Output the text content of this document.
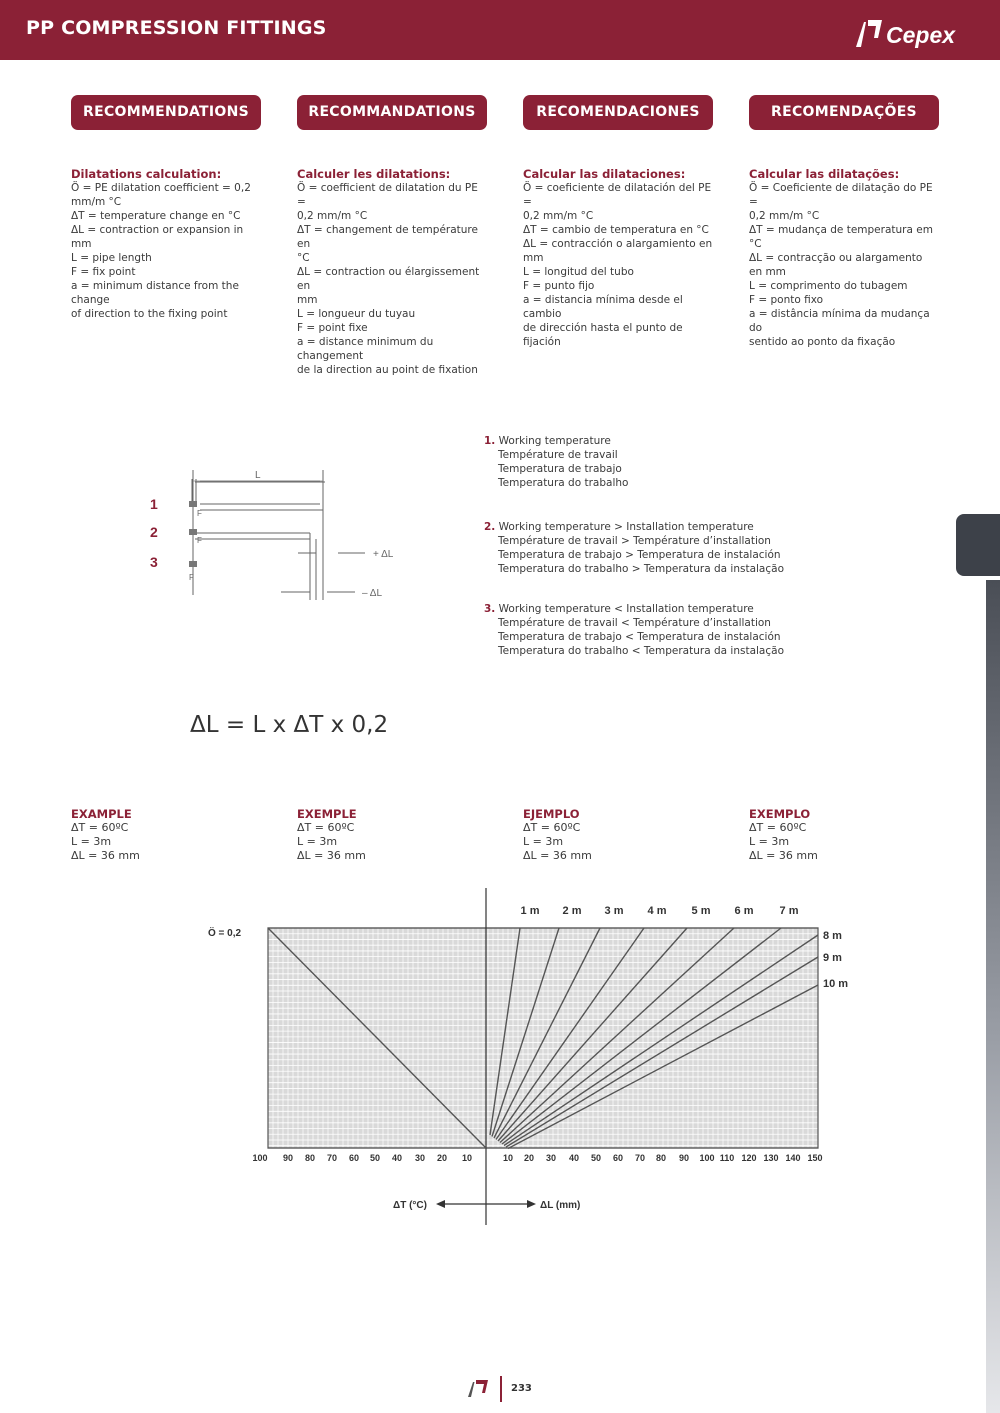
PP COMPRESSION FITTINGS	Cepex
RECOMMENDATIONS	RECOMMANDATIONS	RECOMENDACIONES	RECOMENDAÇÕES
Dilatations calculation:
Ö = PE dilatation coefficient = 0,2
mm/m °C
ΔT = temperature change en °C
ΔL = contraction or expansion in mm
L = pipe length
F = fix point
a = minimum distance from the change
of direction to the fixing point
Calculer les dilatations:
Ö = coefficient de dilatation du PE =
0,2 mm/m °C
ΔT = changement de température en
°C
ΔL = contraction ou élargissement en
mm
L = longueur du tuyau
F = point fixe
a = distance minimum du changement
de la direction au point de fixation
Calcular las dilataciones:
Ö = coeficiente de dilatación del PE =
0,2 mm/m °C
ΔT = cambio de temperatura en °C
ΔL = contracción o alargamiento en
mm
L = longitud del tubo
F = punto fijo
a = distancia mínima desde el cambio
de dirección hasta el punto de
fijación
Calcular las dilatações:
Ö = Coeficiente de dilatação do PE =
0,2 mm/m °C
ΔT = mudança de temperatura em °C
ΔL = contracção ou alargamento
en mm
L = comprimento do tubagem
F = ponto fixo
a = distância mínima da mudança do
sentido ao ponto da fixação
L
F
F
F
+ ΔL
– ΔL
1
2
3
1. Working temperature
Température de travail
Temperatura de trabajo
Temperatura do trabalho
2. Working temperature > Installation temperature
Température de travail > Température d’installation
Temperatura de trabajo > Temperatura de instalación
Temperatura do trabalho > Temperatura da instalação
3. Working temperature < Installation temperature
Température de travail < Température d’installation
Temperatura de trabajo < Temperatura de instalación
Temperatura do trabalho < Temperatura da instalação
ΔL = L x ΔT x 0,2
EXAMPLE
ΔT = 60ºC
L = 3m
ΔL = 36 mm
EXEMPLE
ΔT = 60ºC
L = 3m
ΔL = 36 mm
EJEMPLO
ΔT = 60ºC
L = 3m
ΔL = 36 mm
EXEMPLO
ΔT = 60ºC
L = 3m
ΔL = 36 mm
Ö = 0,2
1 m 2 m 3 m 4 m 5 m 6 m 7 m
8 m
9 m
10 m
100 90 80 70 60 50 40 30 20 10	10 20 30 40 50 60 70 80 90 100 110 120 130 140 150
ΔT (°C)	ΔL (mm)
233
